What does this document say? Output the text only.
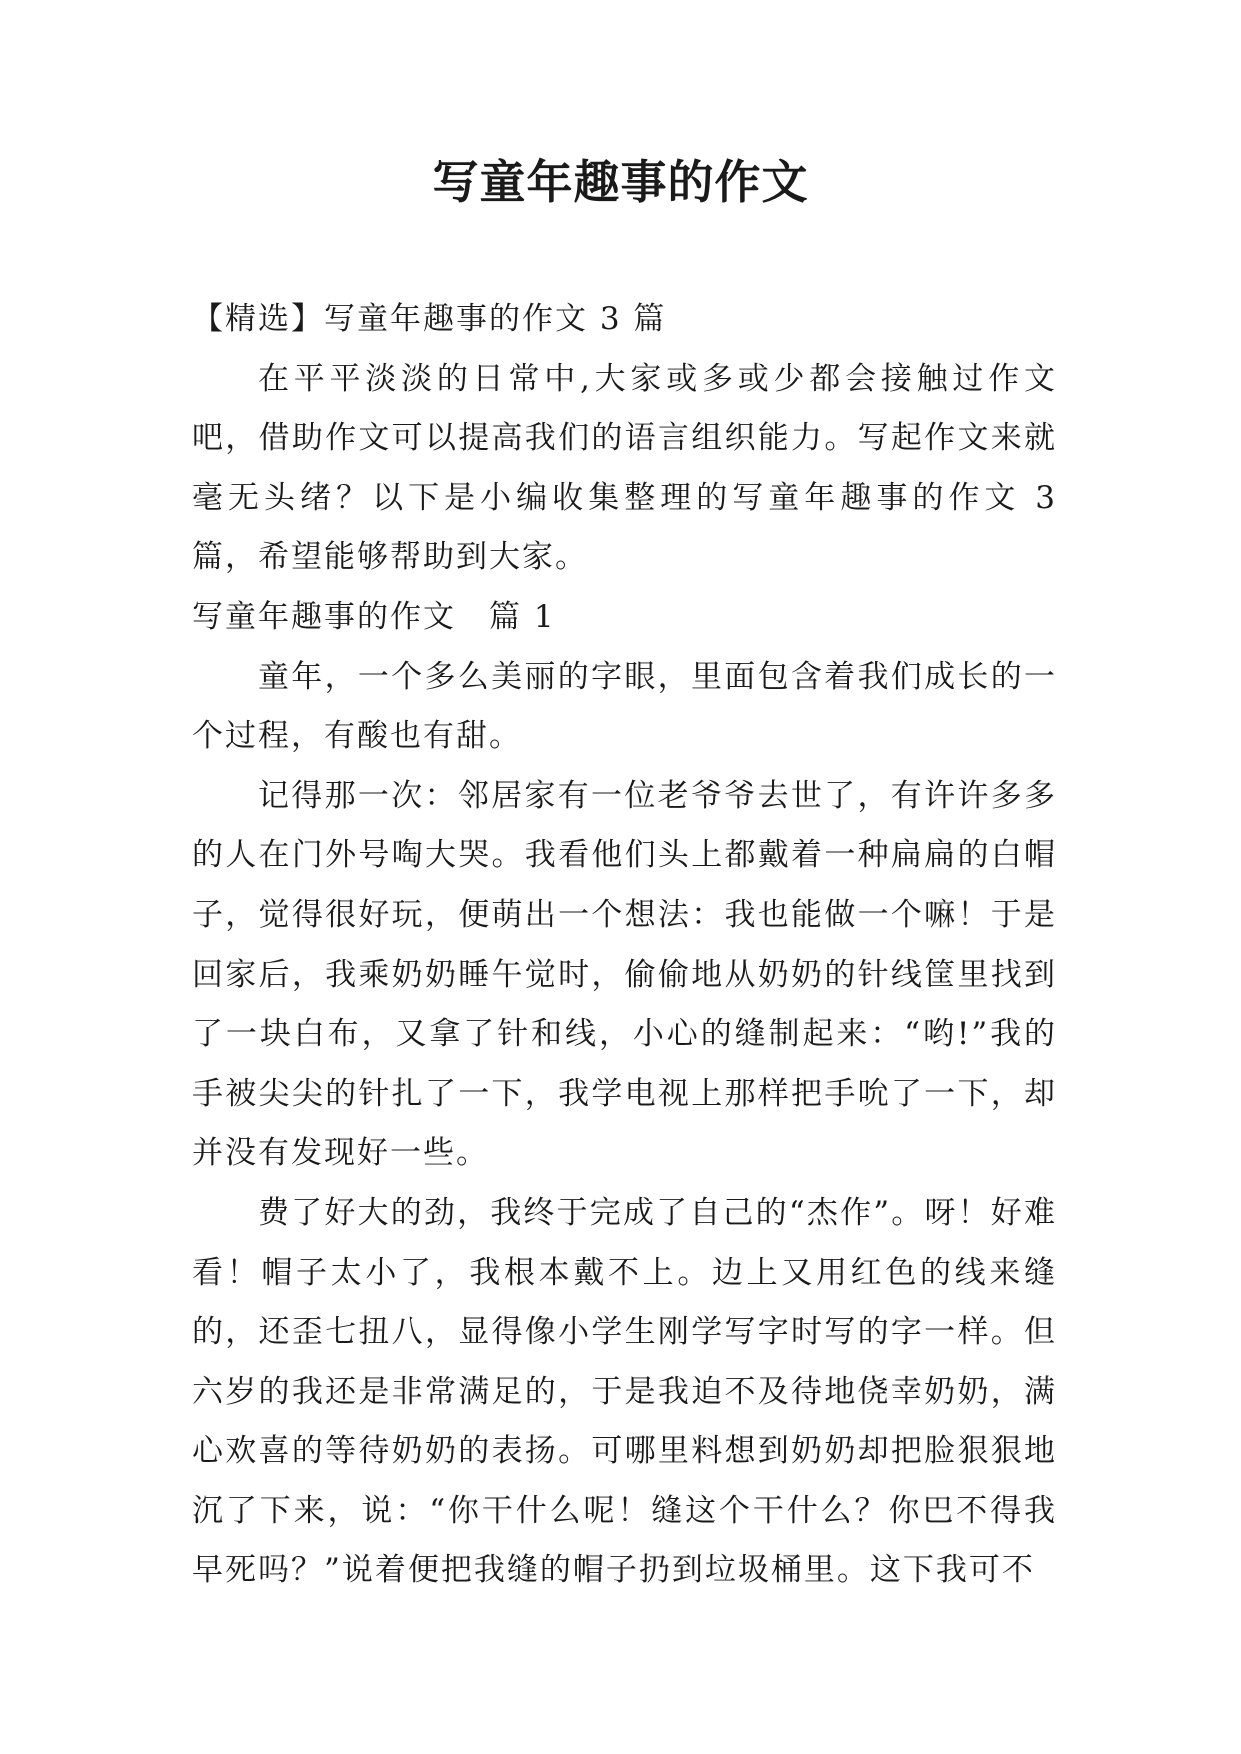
写童年趣事的作文

【精选】写童年趣事的作文 3 篇

在平平淡淡的日常中,大家或多或少都会接触过作文吧，借助作文可以提高我们的语言组织能力。写起作文来就毫无头绪？以下是小编收集整理的写童年趣事的作文 3 篇，希望能够帮助到大家。

写童年趣事的作文　篇 1

童年，一个多么美丽的字眼，里面包含着我们成长的一个过程，有酸也有甜。

记得那一次：邻居家有一位老爷爷去世了，有许许多多的人在门外号啕大哭。我看他们头上都戴着一种扁扁的白帽子，觉得很好玩，便萌出一个想法：我也能做一个嘛！于是回家后，我乘奶奶睡午觉时，偷偷地从奶奶的针线筐里找到了一块白布，又拿了针和线，小心的缝制起来：“哟!”我的手被尖尖的针扎了一下，我学电视上那样把手吮了一下，却并没有发现好一些。

费了好大的劲，我终于完成了自己的“杰作”。呀！好难看！帽子太小了，我根本戴不上。边上又用红色的线来缝的，还歪七扭八，显得像小学生刚学写字时写的字一样。但六岁的我还是非常满足的，于是我迫不及待地侥幸奶奶，满心欢喜的等待奶奶的表扬。可哪里料想到奶奶却把脸狠狠地沉了下来，说：“你干什么呢！缝这个干什么？你巴不得我早死吗？”说着便把我缝的帽子扔到垃圾桶里。这下我可不
